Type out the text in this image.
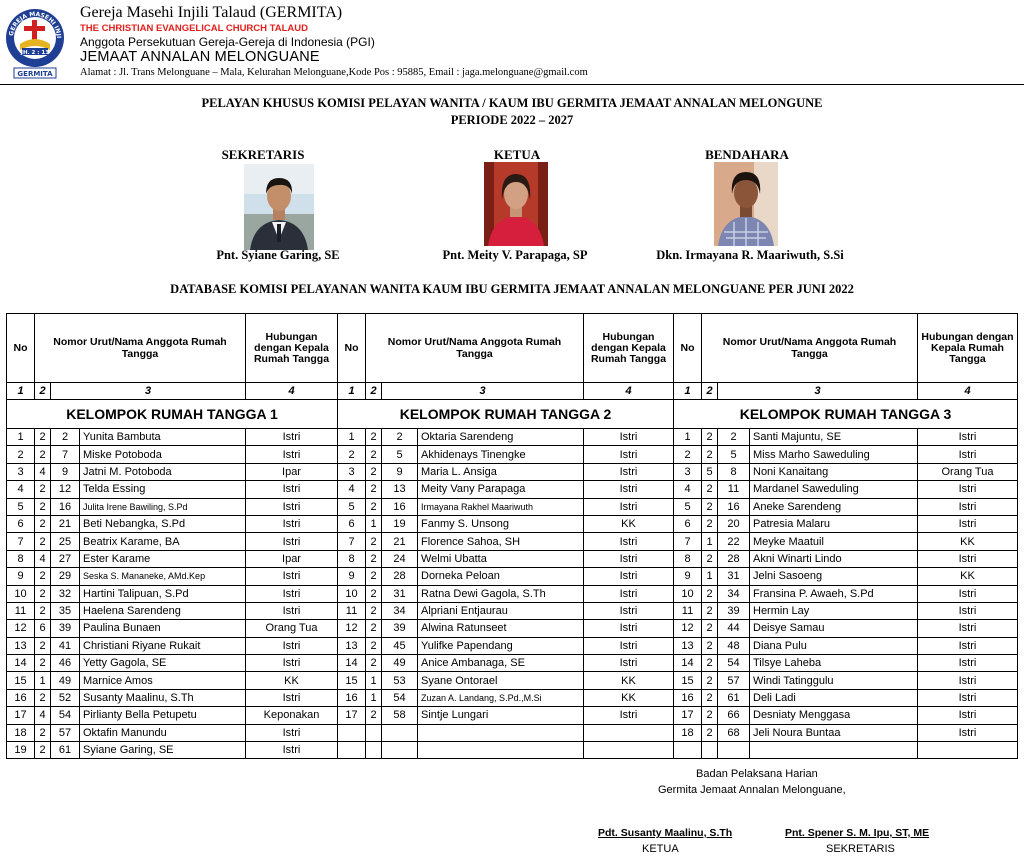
GEREJA MASEHI INJI
JH. 2 : 13
GERMITA
Gereja Masehi Injili Talaud (GERMITA)
THE CHRISTIAN EVANGELICAL CHURCH TALAUD
Anggota Persekutuan Gereja-Gereja di Indonesia (PGI)
JEMAAT ANNALAN MELONGUANE
Alamat : Jl. Trans Melonguane – Mala, Kelurahan Melonguane,Kode Pos : 95885, Email : jaga.melonguane@gmail.com
PELAYAN KHUSUS KOMISI PELAYAN WANITA / KAUM IBU GERMITA JEMAAT ANNALAN MELONGUNE
PERIODE 2022 – 2027
SEKRETARIS	KETUA	BENDAHARA
Pnt. Syiane Garing, SE	Pnt. Meity V. Parapaga, SP	Dkn. Irmayana R. Maariwuth, S.Si
DATABASE KOMISI PELAYANAN WANITA KAUM IBU GERMITA JEMAAT ANNALAN MELONGUANE PER JUNI 2022
No	Nomor Urut/Nama Anggota Rumah Tangga			Hubungan dengan Kepala Rumah Tangga	No	Nomor Urut/Nama Anggota Rumah Tangga			Hubungan dengan Kepala Rumah Tangga	No	Nomor Urut/Nama Anggota Rumah Tangga			Hubungan dengan Kepala Rumah Tangga
1	2	3		4	1	2	3		4	1	2	3		4
KELOMPOK RUMAH TANGGA 1					KELOMPOK RUMAH TANGGA 2					KELOMPOK RUMAH TANGGA 3				
1	2	2	Yunita Bambuta	Istri	1	2	2	Oktaria Sarendeng	Istri	1	2	2	Santi Majuntu, SE	Istri
2	2	7	Miske Potoboda	Istri	2	2	5	Akhidenays Tinengke	Istri	2	2	5	Miss Marho Saweduling	Istri
3	4	9	Jatni M. Potoboda	Ipar	3	2	9	Maria L. Ansiga	Istri	3	5	8	Noni Kanaitang	Orang Tua
4	2	12	Telda Essing	Istri	4	2	13	Meity Vany Parapaga	Istri	4	2	11	Mardanel Saweduling	Istri
5	2	16	Julita Irene Bawiling, S.Pd	Istri	5	2	16	Irmayana Rakhel Maariwuth	Istri	5	2	16	Aneke Sarendeng	Istri
6	2	21	Beti Nebangka, S.Pd	Istri	6	1	19	Fanmy S. Unsong	KK	6	2	20	Patresia Malaru	Istri
7	2	25	Beatrix Karame, BA	Istri	7	2	21	Florence Sahoa, SH	Istri	7	1	22	Meyke Maatuil	KK
8	4	27	Ester Karame	Ipar	8	2	24	Welmi Ubatta	Istri	8	2	28	Akni Winarti Lindo	Istri
9	2	29	Seska S. Mananeke, AMd.Kep	Istri	9	2	28	Dorneka Peloan	Istri	9	1	31	Jelni Sasoeng	KK
10	2	32	Hartini Talipuan, S.Pd	Istri	10	2	31	Ratna Dewi Gagola, S.Th	Istri	10	2	34	Fransina P. Awaeh, S.Pd	Istri
11	2	35	Haelena Sarendeng	Istri	11	2	34	Alpriani Entjaurau	Istri	11	2	39	Hermin Lay	Istri
12	6	39	Paulina Bunaen	Orang Tua	12	2	39	Alwina Ratunseet	Istri	12	2	44	Deisye Samau	Istri
13	2	41	Christiani Riyane Rukait	Istri	13	2	45	Yulifke Papendang	Istri	13	2	48	Diana Pulu	Istri
14	2	46	Yetty Gagola, SE	Istri	14	2	49	Anice Ambanaga, SE	Istri	14	2	54	Tilsye Laheba	Istri
15	1	49	Marnice Amos	KK	15	1	53	Syane Ontorael	KK	15	2	57	Windi Tatinggulu	Istri
16	2	52	Susanty Maalinu, S.Th	Istri	16	1	54	Zuzan A. Landang, S.Pd.,M.Si	KK	16	2	61	Deli Ladi	Istri
17	4	54	Pirlianty Bella Petupetu	Keponakan	17	2	58	Sintje Lungari	Istri	17	2	66	Desniaty Menggasa	Istri
18	2	57	Oktafin Manundu	Istri						18	2	68	Jeli Noura Buntaa	Istri
19	2	61	Syiane Garing, SE	Istri										
Badan Pelaksana Harian
Germita Jemaat Annalan Melonguane,
Pdt. Susanty Maalinu, S.Th
KETUA
Pnt. Spener S. M. Ipu, ST, ME
SEKRETARIS
